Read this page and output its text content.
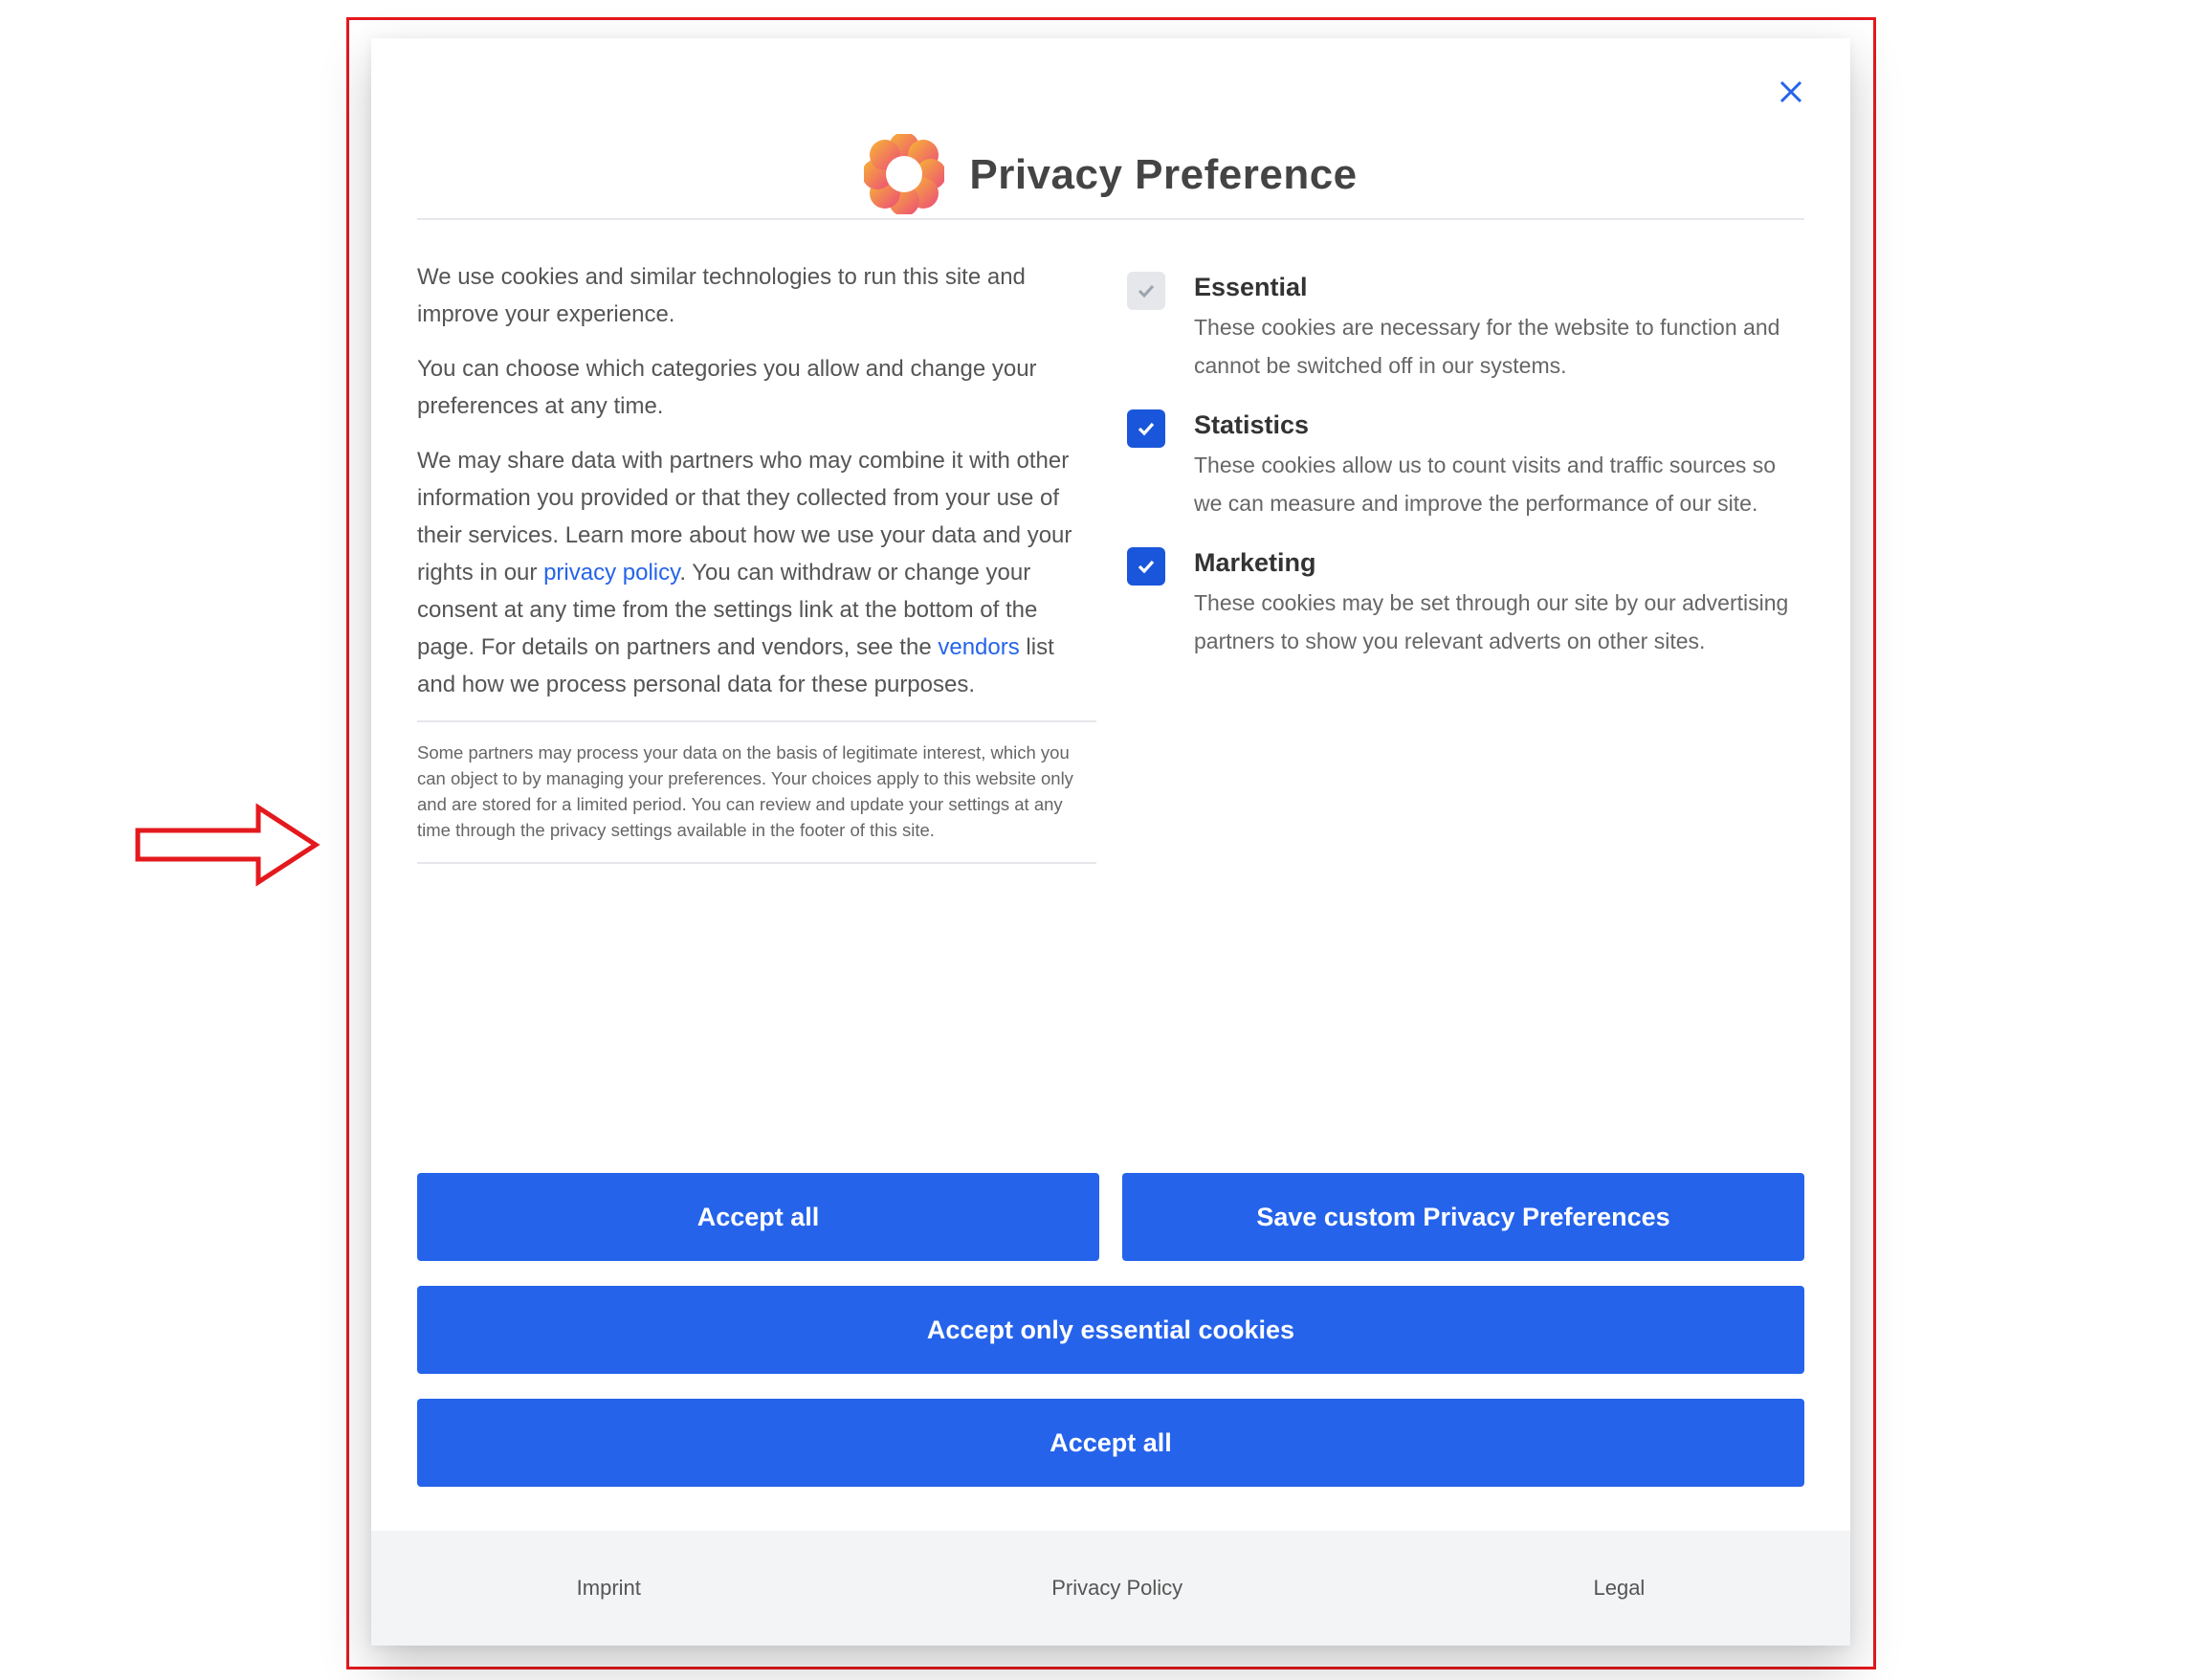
Privacy Preference

We use cookies and similar technologies to run this site and improve your experience.

You can choose which categories you allow and change your preferences at any time.

We may share data with partners who may combine it with other information you provided or that they collected from your use of their services. Learn more about how we use your data and your rights in our privacy policy. You can withdraw or change your consent at any time from the settings link at the bottom of the page. For details on partners and vendors, see the vendors list and how we process personal data for these purposes.

Some partners may process your data on the basis of legitimate interest, which you can object to by managing your preferences. Your choices apply to this website only and are stored for a limited period. You can review and update your settings at any time through the privacy settings available in the footer of this site.
Essential
These cookies are necessary for the website to function and cannot be switched off in our systems.
Statistics
These cookies allow us to count visits and traffic sources so we can measure and improve the performance of our site.
Marketing
These cookies may be set through our site by our advertising partners to show you relevant adverts on other sites.
Accept all	Save custom Privacy Preferences
Accept only essential cookies
Accept all
Imprint	Privacy Policy	Legal
